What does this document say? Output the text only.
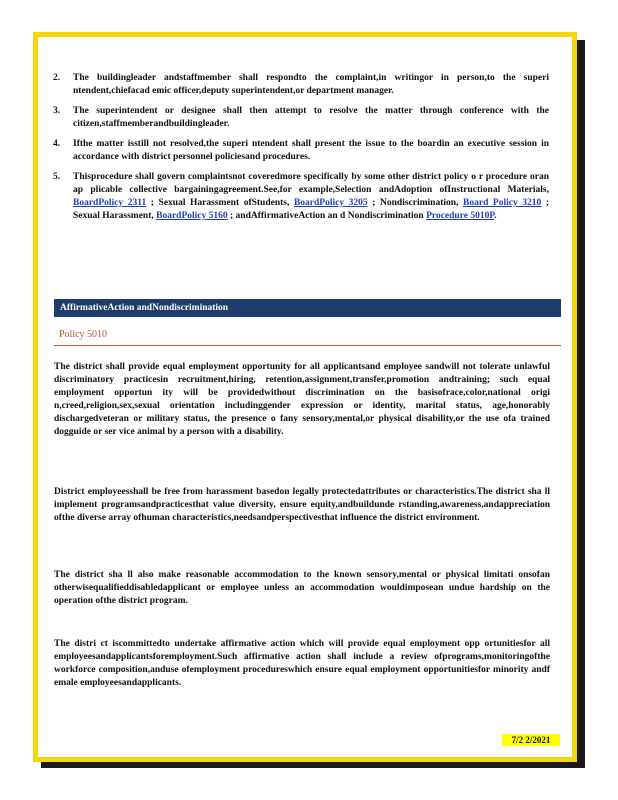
2.	The buildingleader andstaffmember shall respondto the complaint,in writingor in person,to the superi ntendent,chiefacad emic officer,deputy superintendent,or department manager.
3.	The superintendent or designee shall then attempt to resolve the matter through conference with the citizen,staffmemberandbuildingleader.
4.	Ifthe matter isstill not resolved,the superi ntendent shall present the issue to the boardin an executive session in accordance with district personnel policiesand procedures.
5.	Thisprocedure shall govern complaintsnot coveredmore specifically by some other district policy o r procedure oran ap plicable collective bargainingagreement.See,for example,Selection andAdoption ofInstructional Materials, BoardPolicy 2311 ; Sexual Harassment ofStudents, BoardPolicy 3205 ; Nondiscrimination, Board Policy 3210 ; Sexual Harassment, BoardPolicy 5160 ; andAffirmativeAction an d Nondiscrimination Procedure 5010P.
AffirmativeAction andNondiscrimination
Policy 5010

The district shall provide equal employment opportunity for all applicantsand employee sandwill not tolerate unlawful discriminatory practicesin recruitment,hiring, retention,assignment,transfer,promotion andtraining; such equal employment opportun ity will be providedwithout discrimination on the basisofrace,color,national origi n,creed,religion,sex,sexual orientation includinggender expression or identity, marital status, age,honorably dischargedveteran or military status, the presence o fany sensory,mental,or physical disability,or the use ofa trained dogguide or ser vice animal by a person with a disability.

District employeesshall be free from harassment basedon legally protectedattributes or characteristics.The district sha ll implement programsandpracticesthat value diversity, ensure equity,andbuildunde rstanding,awareness,andappreciation ofthe diverse array ofhuman characteristics,needsandperspectivesthat influence the district environment.

The district sha ll also make reasonable accommodation to the known sensory,mental or physical limitati onsofan otherwisequalifieddisabledapplicant or employee unless an accommodation wouldimposean undue hardship on the operation ofthe district program.

The distri ct iscommittedto undertake affirmative action which will provide equal employment opp ortunitiesfor all employeesandapplicantsforemployment.Such affirmative action shall include a review ofprograms,monitoringofthe workforce composition,anduse ofemployment procedureswhich ensure equal employment opportunitiesfor minority andf emale employeesandapplicants.

7/2 2/2021
